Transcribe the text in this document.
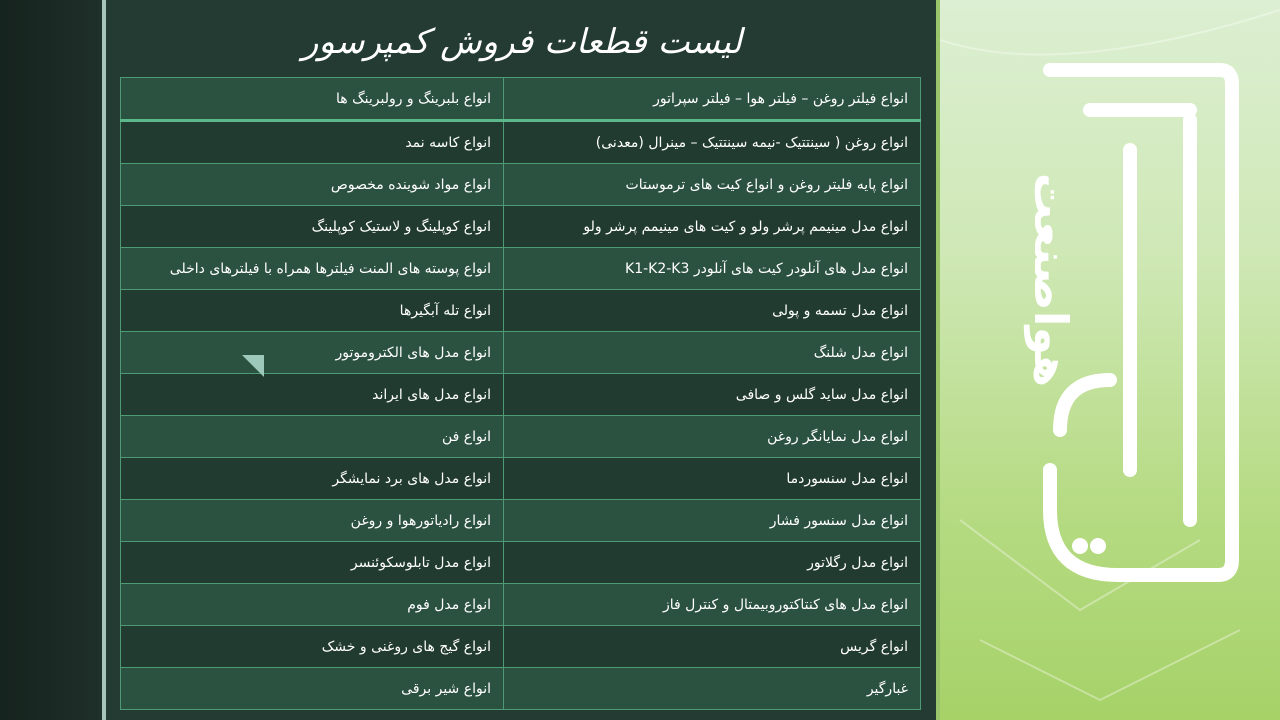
هواصنعت
لیست قطعات فروش کمپرسور
انواع فیلتر روغن – فیلتر هوا – فیلتر سپراتور	انواع بلبرینگ و رولبرینگ ها
انواع روغن ( سینتتیک -نیمه سینتتیک – مینرال (معدنی)	انواع کاسه نمد
انواع پایه فلیتر روغن و انواع کیت های ترموستات	انواع مواد شوینده مخصوص
انواع مدل مینیمم پرشر ولو و کیت های مینیمم پرشر ولو	انواع کوپلینگ و لاستیک کوپلینگ
انواع مدل های آنلودر کیت های آنلودر K1-K2-K3	انواع پوسته های المنت فیلترها همراه با فیلترهای داخلی
انواع مدل تسمه و پولی	انواع تله آبگیرها
انواع مدل شلنگ	انواع مدل های الکتروموتور
انواع مدل ساید گلس و صافی	انواع مدل های ایراند
انواع مدل نمایانگر روغن	انواع فن
انواع مدل سنسوردما	انواع مدل های برد نمایشگر
انواع مدل سنسور فشار	انواع رادیاتورهوا و روغن
انواع مدل رگلاتور	انواع مدل تابلوسکوئنسر
انواع مدل های کنتاکتوروبیمتال و کنترل فاز	انواع مدل فوم
انواع گریس	انواع گیج های روغنی و خشک
غبارگیر	انواع شیر برقی
